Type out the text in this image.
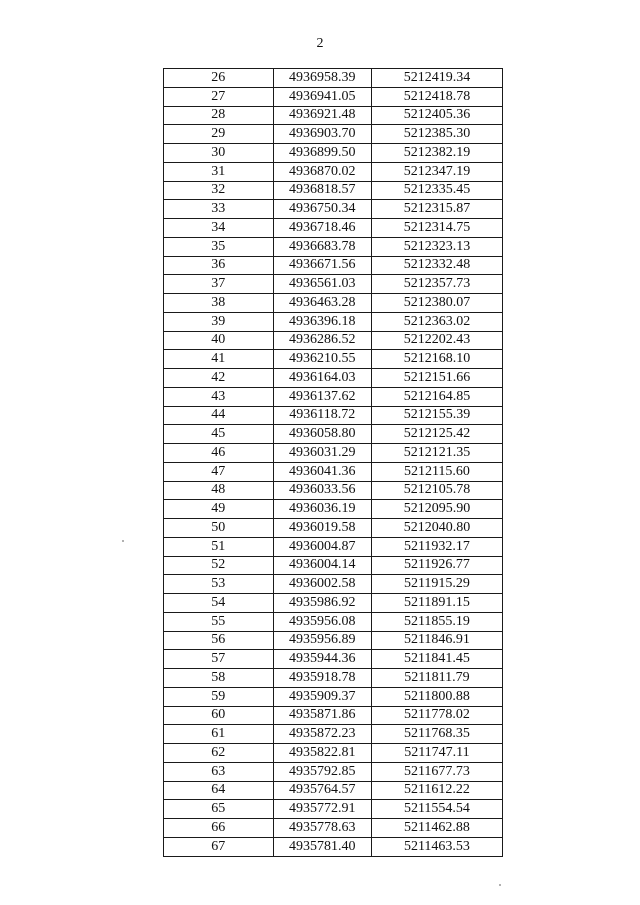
2
26	4936958.39	5212419.34
27	4936941.05	5212418.78
28	4936921.48	5212405.36
29	4936903.70	5212385.30
30	4936899.50	5212382.19
31	4936870.02	5212347.19
32	4936818.57	5212335.45
33	4936750.34	5212315.87
34	4936718.46	5212314.75
35	4936683.78	5212323.13
36	4936671.56	5212332.48
37	4936561.03	5212357.73
38	4936463.28	5212380.07
39	4936396.18	5212363.02
40	4936286.52	5212202.43
41	4936210.55	5212168.10
42	4936164.03	5212151.66
43	4936137.62	5212164.85
44	4936118.72	5212155.39
45	4936058.80	5212125.42
46	4936031.29	5212121.35
47	4936041.36	5212115.60
48	4936033.56	5212105.78
49	4936036.19	5212095.90
50	4936019.58	5212040.80
51	4936004.87	5211932.17
52	4936004.14	5211926.77
53	4936002.58	5211915.29
54	4935986.92	5211891.15
55	4935956.08	5211855.19
56	4935956.89	5211846.91
57	4935944.36	5211841.45
58	4935918.78	5211811.79
59	4935909.37	5211800.88
60	4935871.86	5211778.02
61	4935872.23	5211768.35
62	4935822.81	5211747.11
63	4935792.85	5211677.73
64	4935764.57	5211612.22
65	4935772.91	5211554.54
66	4935778.63	5211462.88
67	4935781.40	5211463.53
